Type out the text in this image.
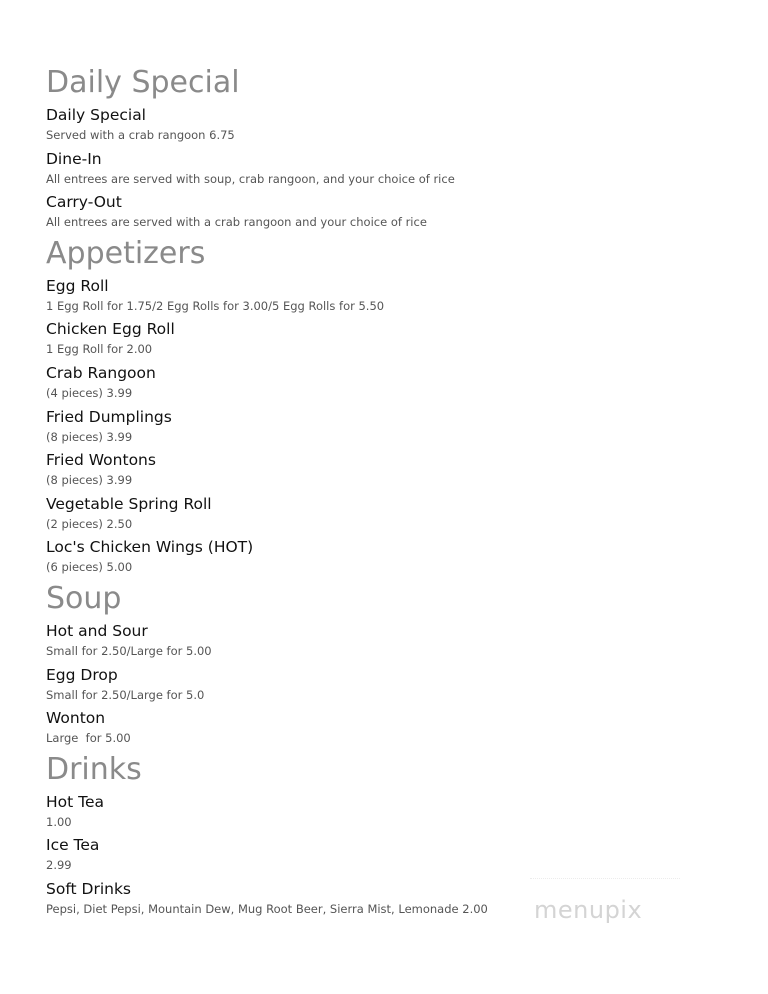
Daily Special
Daily Special
Served with a crab rangoon 6.75
Dine-In
All entrees are served with soup, crab rangoon, and your choice of rice
Carry-Out
All entrees are served with a crab rangoon and your choice of rice
Appetizers
Egg Roll
1 Egg Roll for 1.75/2 Egg Rolls for 3.00/5 Egg Rolls for 5.50
Chicken Egg Roll
1 Egg Roll for 2.00
Crab Rangoon
(4 pieces) 3.99
Fried Dumplings
(8 pieces) 3.99
Fried Wontons
(8 pieces) 3.99
Vegetable Spring Roll
(2 pieces) 2.50
Loc's Chicken Wings (HOT)
(6 pieces) 5.00
Soup
Hot and Sour
Small for 2.50/Large for 5.00
Egg Drop
Small for 2.50/Large for 5.0
Wonton
Large  for 5.00
Drinks
Hot Tea
1.00
Ice Tea
2.99
Soft Drinks
Pepsi, Diet Pepsi, Mountain Dew, Mug Root Beer, Sierra Mist, Lemonade 2.00	menupix
